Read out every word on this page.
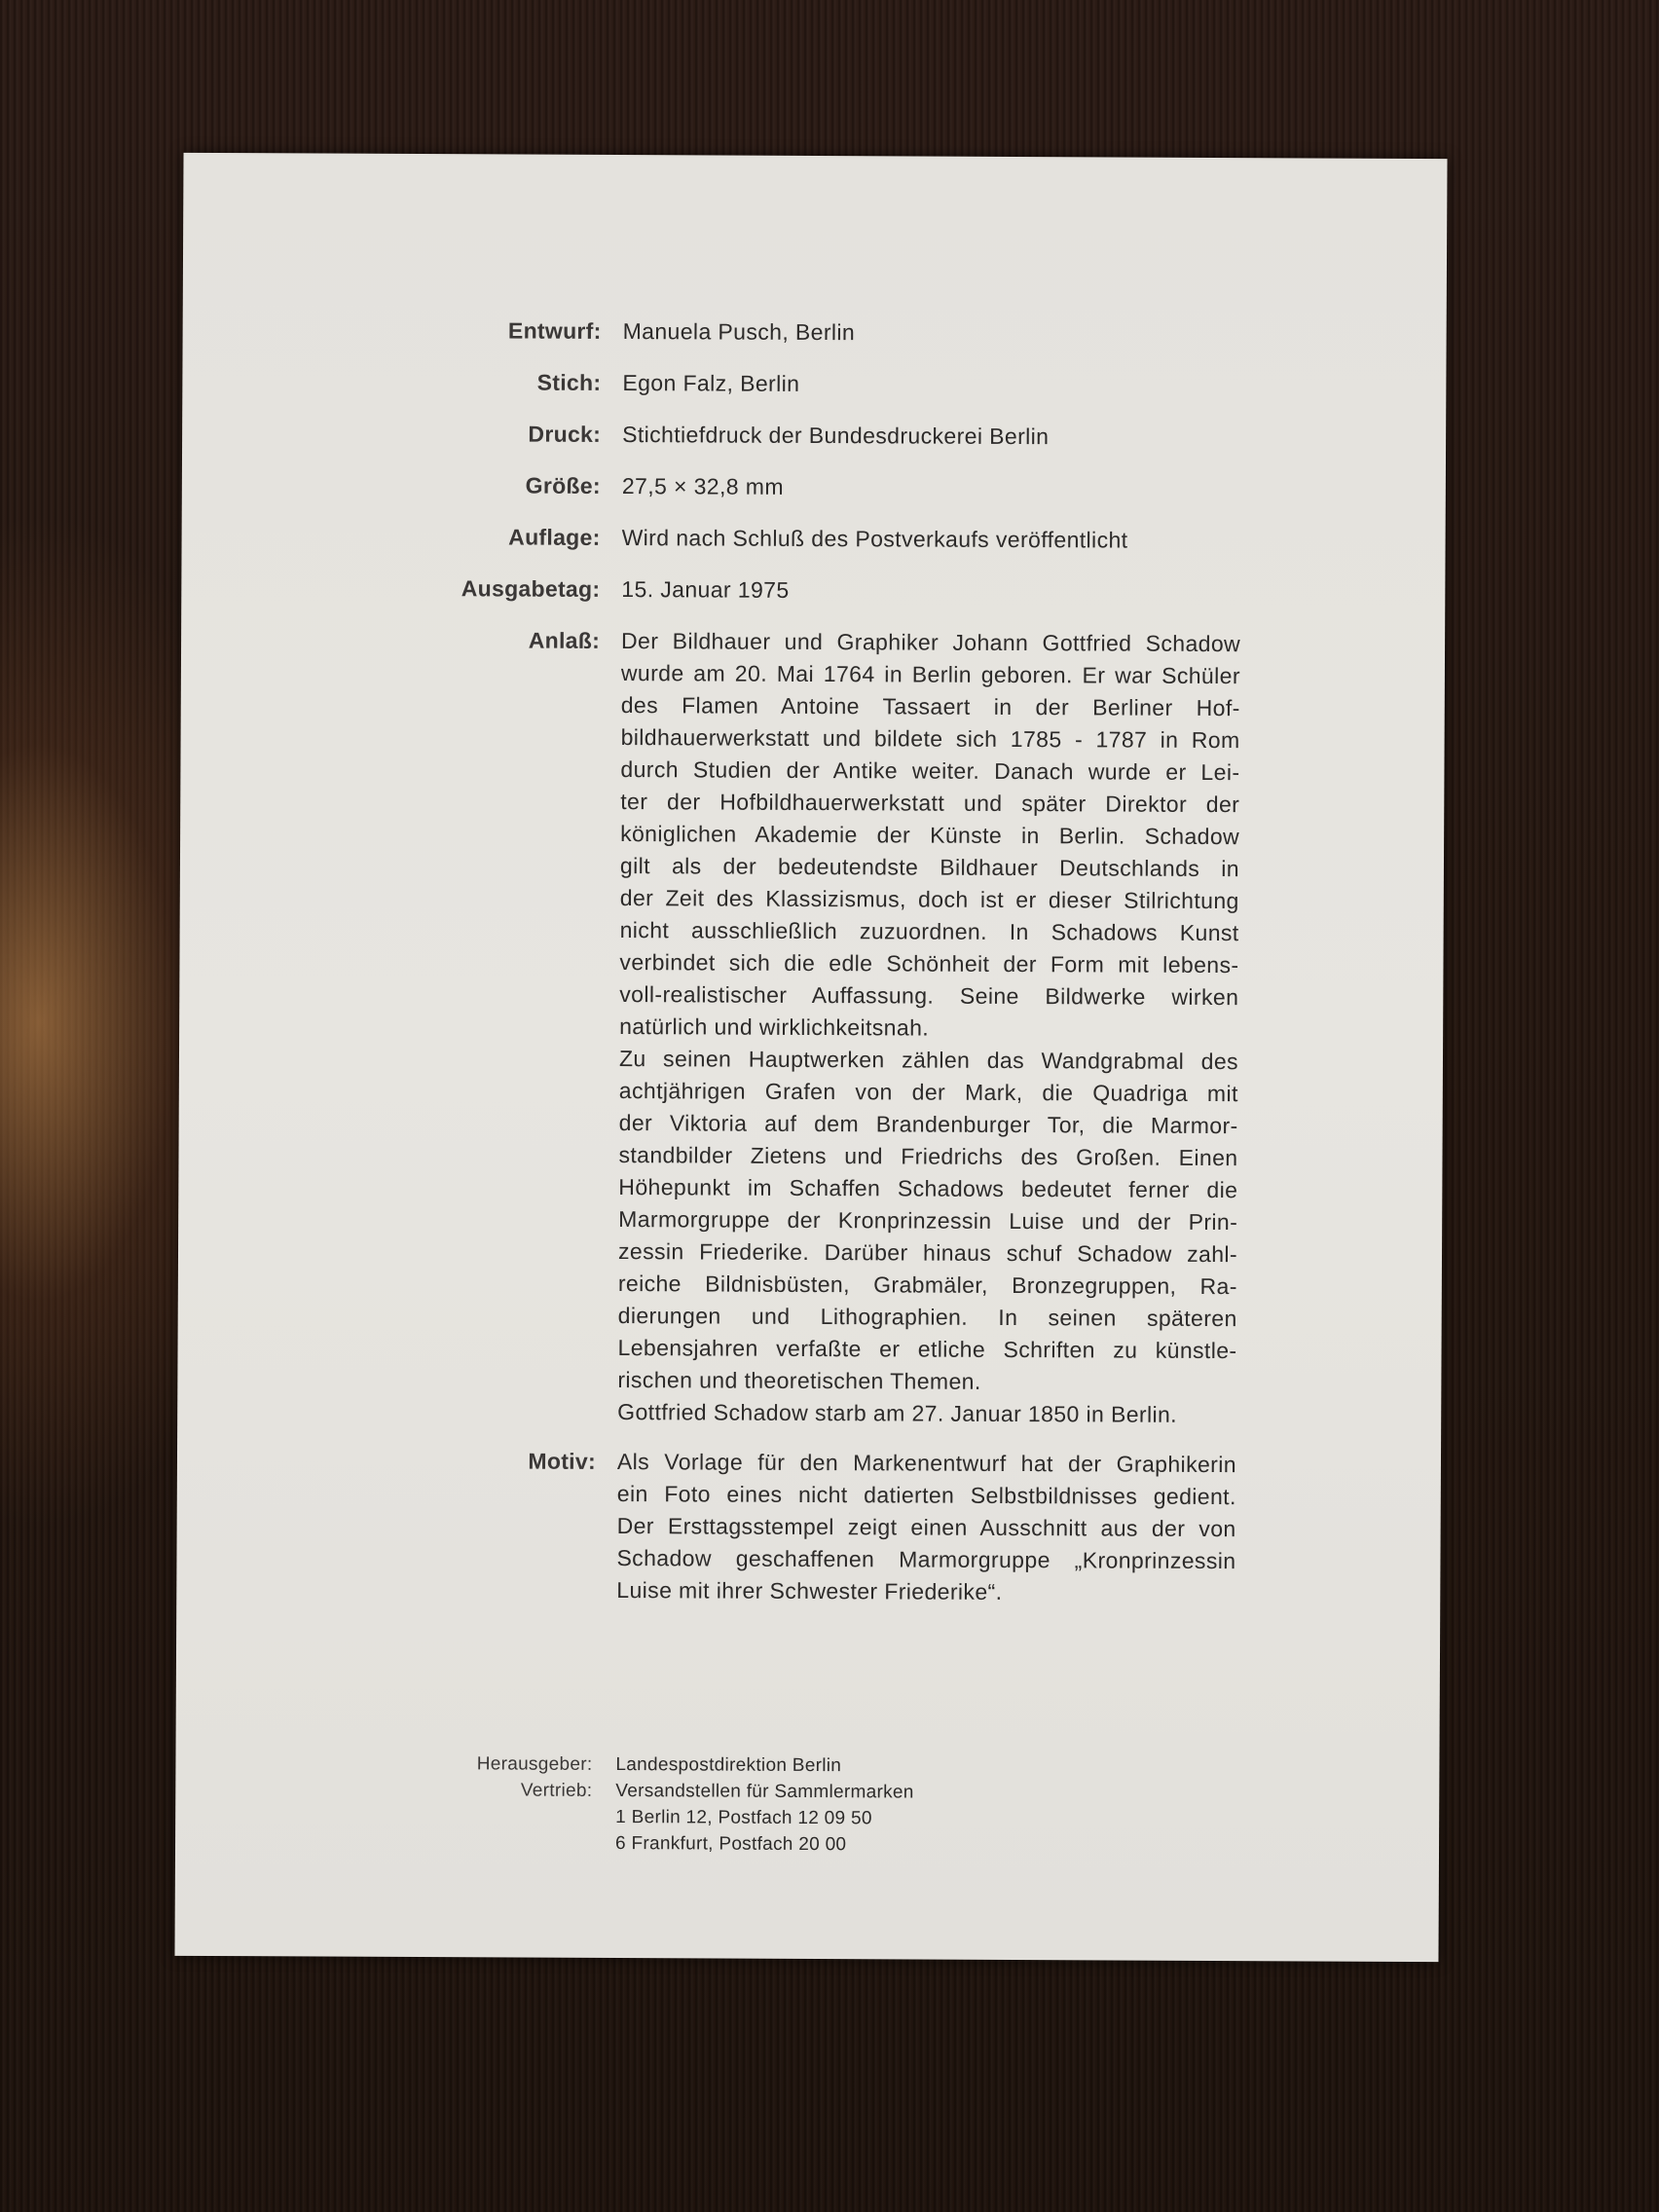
Entwurf: Manuela Pusch, Berlin
Stich: Egon Falz, Berlin
Druck: Stichtiefdruck der Bundesdruckerei Berlin
Größe: 27,5 × 32,8 mm
Auflage: Wird nach Schluß des Postverkaufs veröffentlicht
Ausgabetag: 15. Januar 1975
Anlaß: Der Bildhauer und Graphiker Johann Gottfried Schadow
wurde am 20. Mai 1764 in Berlin geboren. Er war Schüler
des Flamen Antoine Tassaert in der Berliner Hof-
bildhauerwerkstatt und bildete sich 1785 - 1787 in Rom
durch Studien der Antike weiter. Danach wurde er Lei-
ter der Hofbildhauerwerkstatt und später Direktor der
königlichen Akademie der Künste in Berlin. Schadow
gilt als der bedeutendste Bildhauer Deutschlands in
der Zeit des Klassizismus, doch ist er dieser Stilrichtung
nicht ausschließlich zuzuordnen. In Schadows Kunst
verbindet sich die edle Schönheit der Form mit lebens-
voll-realistischer Auffassung. Seine Bildwerke wirken
natürlich und wirklichkeitsnah.
Zu seinen Hauptwerken zählen das Wandgrabmal des
achtjährigen Grafen von der Mark, die Quadriga mit
der Viktoria auf dem Brandenburger Tor, die Marmor-
standbilder Zietens und Friedrichs des Großen. Einen
Höhepunkt im Schaffen Schadows bedeutet ferner die
Marmorgruppe der Kronprinzessin Luise und der Prin-
zessin Friederike. Darüber hinaus schuf Schadow zahl-
reiche Bildnisbüsten, Grabmäler, Bronzegruppen, Ra-
dierungen und Lithographien. In seinen späteren
Lebensjahren verfaßte er etliche Schriften zu künstle-
rischen und theoretischen Themen.
Gottfried Schadow starb am 27. Januar 1850 in Berlin.
Motiv: Als Vorlage für den Markenentwurf hat der Graphikerin
ein Foto eines nicht datierten Selbstbildnisses gedient.
Der Ersttagsstempel zeigt einen Ausschnitt aus der von
Schadow geschaffenen Marmorgruppe „Kronprinzessin
Luise mit ihrer Schwester Friederike“.
Herausgeber:	Landespostdirektion Berlin
Vertrieb:	Versandstellen für Sammlermarken
1 Berlin 12, Postfach 12 09 50
6 Frankfurt, Postfach 20 00
